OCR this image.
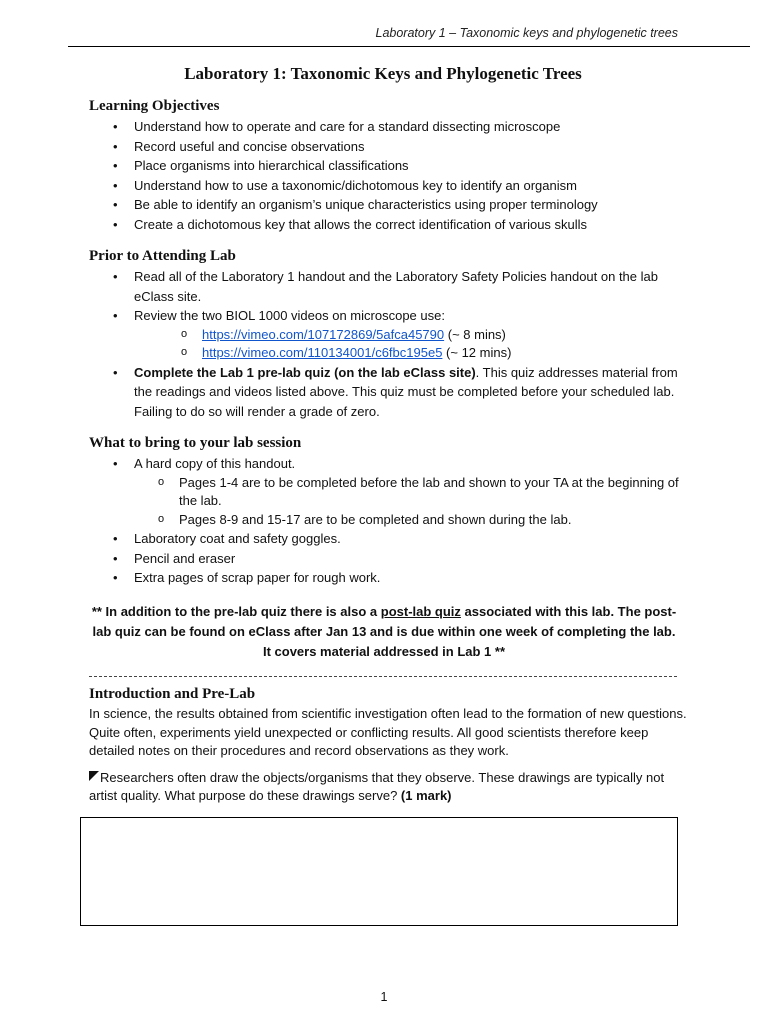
Laboratory 1 – Taxonomic keys and phylogenetic trees
Laboratory 1: Taxonomic Keys and Phylogenetic Trees
Learning Objectives
• Understand how to operate and care for a standard dissecting microscope
• Record useful and concise observations
• Place organisms into hierarchical classifications
• Understand how to use a taxonomic/dichotomous key to identify an organism
• Be able to identify an organism’s unique characteristics using proper terminology
• Create a dichotomous key that allows the correct identification of various skulls
Prior to Attending Lab
• Read all of the Laboratory 1 handout and the Laboratory Safety Policies handout on the lab eClass site.
• Review the two BIOL 1000 videos on microscope use:
o https://vimeo.com/107172869/5afca45790 (~ 8 mins)
o https://vimeo.com/110134001/c6fbc195e5 (~ 12 mins)
• Complete the Lab 1 pre-lab quiz (on the lab eClass site). This quiz addresses material from the readings and videos listed above. This quiz must be completed before your scheduled lab. Failing to do so will render a grade of zero.
What to bring to your lab session
• A hard copy of this handout.
o Pages 1-4 are to be completed before the lab and shown to your TA at the beginning of the lab.
o Pages 8-9 and 15-17 are to be completed and shown during the lab.
• Laboratory coat and safety goggles.
• Pencil and eraser
• Extra pages of scrap paper for rough work.
** In addition to the pre-lab quiz there is also a post-lab quiz associated with this lab. The post-lab quiz can be found on eClass after Jan 13 and is due within one week of completing the lab. It covers material addressed in Lab 1 **
Introduction and Pre-Lab

In science, the results obtained from scientific investigation often lead to the formation of new questions. Quite often, experiments yield unexpected or conflicting results. All good scientists therefore keep detailed notes on their procedures and record observations as they work.

Researchers often draw the objects/organisms that they observe. These drawings are typically not artist quality. What purpose do these drawings serve? (1 mark)
1
